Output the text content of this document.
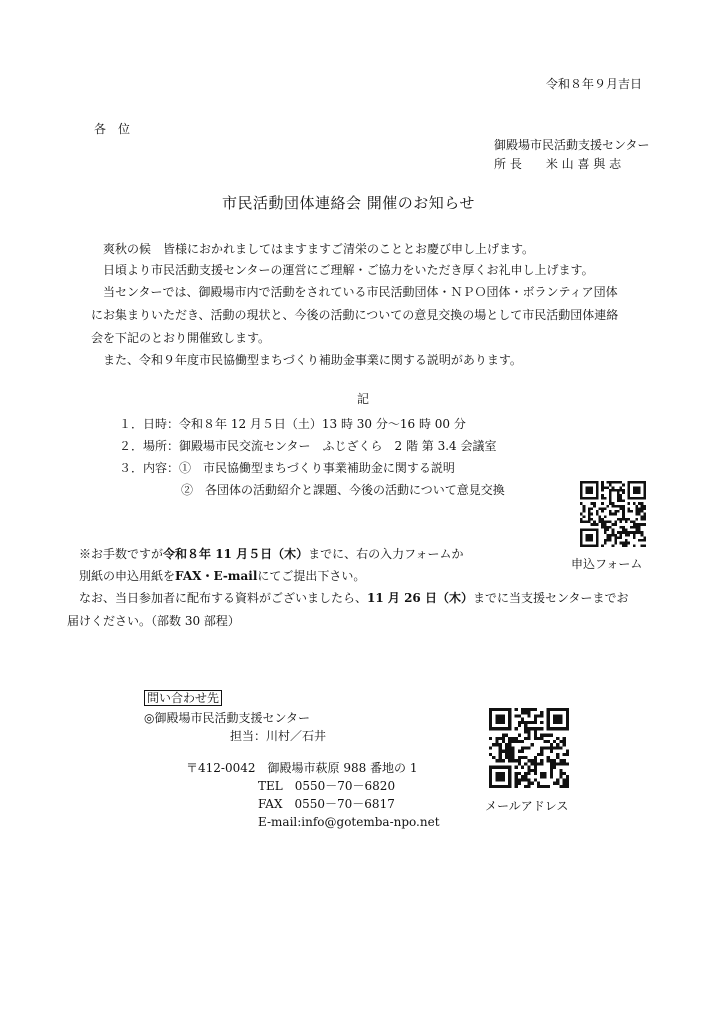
令和８年９月吉日
各　位
御殿場市民活動支援センター
所 長　　米 山 喜 與 志
市民活動団体連絡会 開催のお知らせ
爽秋の候　皆様におかれましてはますますご清栄のこととお慶び申し上げます。
日頃より市民活動支援センターの運営にご理解・ご協力をいただき厚くお礼申し上げます。
当センターでは、御殿場市内で活動をされている市民活動団体・ＮＰＯ団体・ボランティア団体
にお集まりいただき、活動の現状と、今後の活動についての意見交換の場として市民活動団体連絡
会を下記のとおり開催致します。
また、令和９年度市民協働型まちづくり補助金事業に関する説明があります。
記
１．日時：令和８年 12 月５日（土）13 時 30 分～16 時 00 分
２．場所：御殿場市民交流センター　ふじざくら　2 階 第 3.4 会議室
３．内容：①　市民協働型まちづくり事業補助金に関する説明
②　各団体の活動紹介と課題、今後の活動について意見交換
申込フォーム
※お手数ですが令和８年 11 月５日（木）までに、右の入力フォームか
別紙の申込用紙をFAX・E-mailにてご提出下さい。
なお、当日参加者に配布する資料がございましたら、11 月 26 日（木）までに当支援センターまでお
届けください。（部数 30 部程）
問い合わせ先
◎御殿場市民活動支援センター
担当：川村／石井
〒412-0042　御殿場市萩原 988 番地の 1
TEL　0550－70－6820
FAX　0550－70－6817
E-mail:info@gotemba-npo.net
メールアドレス
